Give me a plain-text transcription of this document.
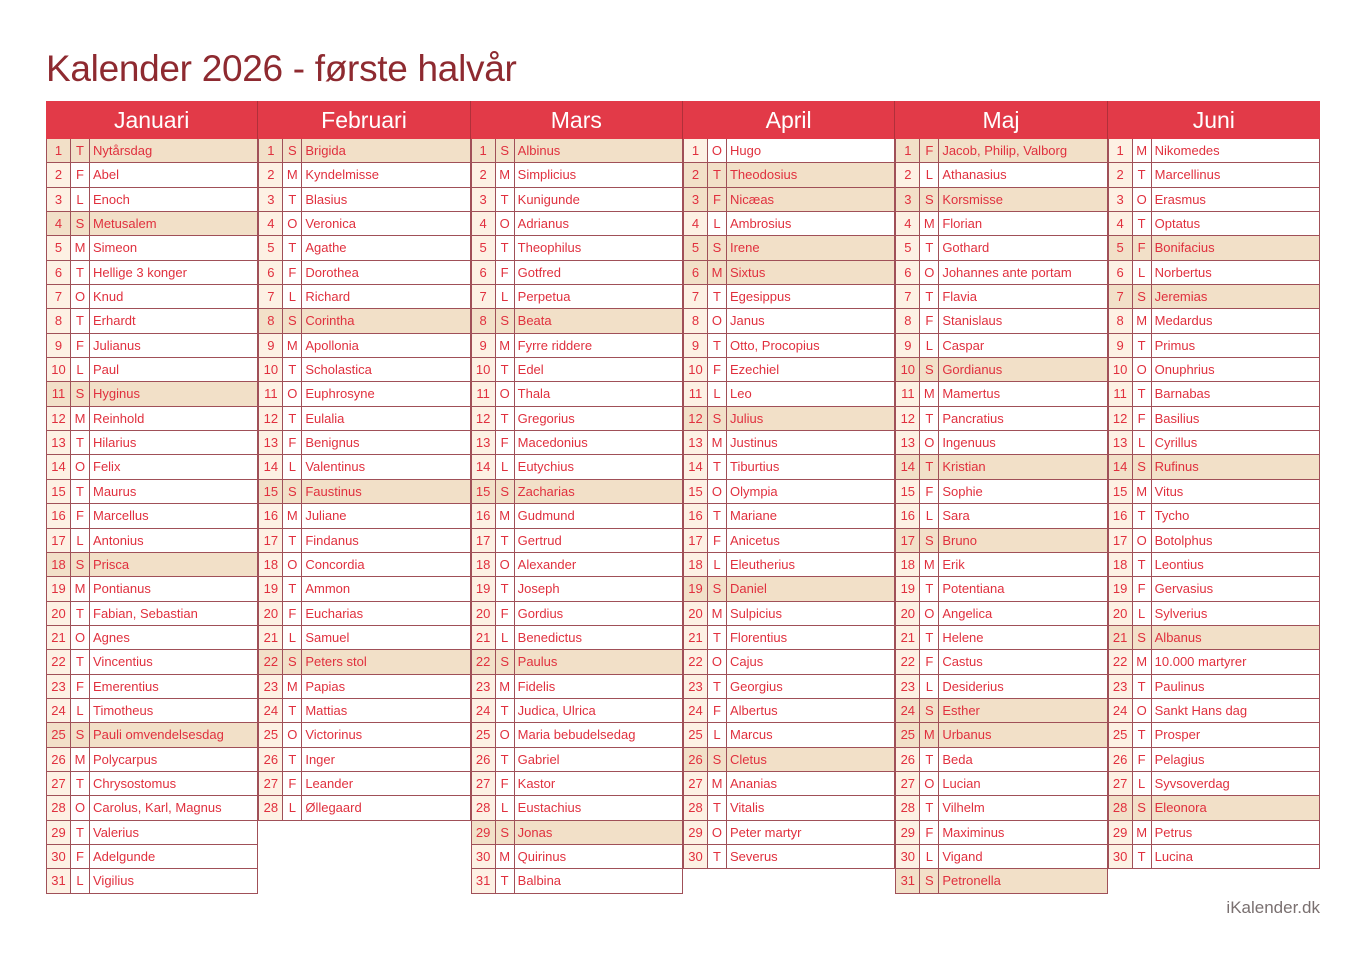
Kalender 2026 - første halvår
Januari
1	T Nytårsdag
2	F Abel
3	L Enoch
4	S Metusalem
5 M Simeon
6	T Hellige 3 konger
7 O Knud
8	T Erhardt
9	F Julianus
10 L Paul
11 S Hyginus
12 M Reinhold
13 T Hilarius
14 O Felix
15 T Maurus
16 F Marcellus
17 L Antonius
18 S Prisca
19 M Pontianus
20 T Fabian, Sebastian
21 O Agnes
22 T Vincentius
23 F Emerentius
24 L Timotheus
25 S Pauli omvendelsesdag
26 M Polycarpus
27 T Chrysostomus
28 O Carolus, Karl, Magnus
29 T Valerius
30 F Adelgunde
31 L Vigilius
Februari
1	S Brigida
2 M Kyndelmisse
3	T Blasius
4 O Veronica
5	T Agathe
6	F Dorothea
7	L Richard
8	S Corintha
9 M Apollonia
10 T Scholastica
11 O Euphrosyne
12 T Eulalia
13 F Benignus
14 L Valentinus
15 S Faustinus
16 M Juliane
17 T Findanus
18 O Concordia
19 T Ammon
20 F Eucharias
21 L Samuel
22 S Peters stol
23 M Papias
24 T Mattias
25 O Victorinus
26 T Inger
27 F Leander
28 L Øllegaard
Mars
1	S Albinus
2 M Simplicius
3	T Kunigunde
4 O Adrianus
5	T Theophilus
6	F Gotfred
7	L Perpetua
8	S Beata
9 M Fyrre riddere
10 T Edel
11 O Thala
12 T Gregorius
13 F Macedonius
14 L Eutychius
15 S Zacharias
16 M Gudmund
17 T Gertrud
18 O Alexander
19 T Joseph
20 F Gordius
21 L Benedictus
22 S Paulus
23 M Fidelis
24 T Judica, Ulrica
25 O Maria bebudelsedag
26 T Gabriel
27 F Kastor
28 L Eustachius
29 S Jonas
30 M Quirinus
31 T Balbina
April
1 O Hugo
2	T Theodosius
3	F Nicæas
4	L Ambrosius
5	S Irene
6 M Sixtus
7	T Egesippus
8 O Janus
9	T Otto, Procopius
10 F Ezechiel
11 L Leo
12 S Julius
13 M Justinus
14 T Tiburtius
15 O Olympia
16 T Mariane
17 F Anicetus
18 L Eleutherius
19 S Daniel
20 M Sulpicius
21 T Florentius
22 O Cajus
23 T Georgius
24 F Albertus
25 L Marcus
26 S Cletus
27 M Ananias
28 T Vitalis
29 O Peter martyr
30 T Severus
Maj
1	F Jacob, Philip, Valborg
2	L Athanasius
3	S Korsmisse
4 M Florian
5	T Gothard
6 O Johannes ante portam
7	T Flavia
8	F Stanislaus
9	L Caspar
10 S Gordianus
11 M Mamertus
12 T Pancratius
13 O Ingenuus
14 T Kristian
15 F Sophie
16 L Sara
17 S Bruno
18 M Erik
19 T Potentiana
20 O Angelica
21 T Helene
22 F Castus
23 L Desiderius
24 S Esther
25 M Urbanus
26 T Beda
27 O Lucian
28 T Vilhelm
29 F Maximinus
30 L Vigand
31 S Petronella
Juni
1 M Nikomedes
2	T Marcellinus
3 O Erasmus
4	T Optatus
5	F Bonifacius
6	L Norbertus
7	S Jeremias
8 M Medardus
9	T Primus
10 O Onuphrius
11 T Barnabas
12 F Basilius
13 L Cyrillus
14 S Rufinus
15 M Vitus
16 T Tycho
17 O Botolphus
18 T Leontius
19 F Gervasius
20 L Sylverius
21 S Albanus
22 M 10.000 martyrer
23 T Paulinus
24 O Sankt Hans dag
25 T Prosper
26 F Pelagius
27 L Syvsoverdag
28 S Eleonora
29 M Petrus
30 T Lucina
iKalender.dk
